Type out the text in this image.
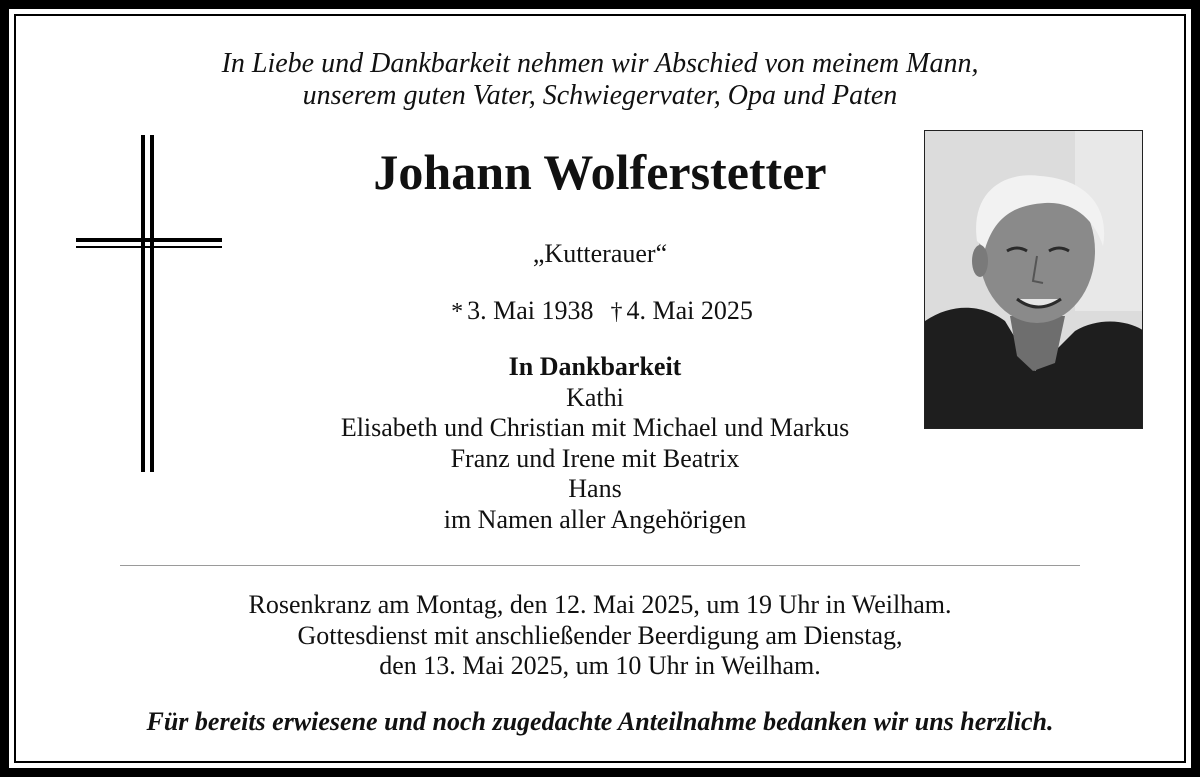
In Liebe und Dankbarkeit nehmen wir Abschied von meinem Mann,
unserem guten Vater, Schwiegervater, Opa und Paten
Johann Wolferstetter
„Kutterauer“
* 3. Mai 1938 † 4. Mai 2025
In Dankbarkeit
Kathi
Elisabeth und Christian mit Michael und Markus
Franz und Irene mit Beatrix
Hans
im Namen aller Angehörigen
Rosenkranz am Montag, den 12. Mai 2025, um 19 Uhr in Weilham.
Gottesdienst mit anschließender Beerdigung am Dienstag,
den 13. Mai 2025, um 10 Uhr in Weilham.
Für bereits erwiesene und noch zugedachte Anteilnahme bedanken wir uns herzlich.
